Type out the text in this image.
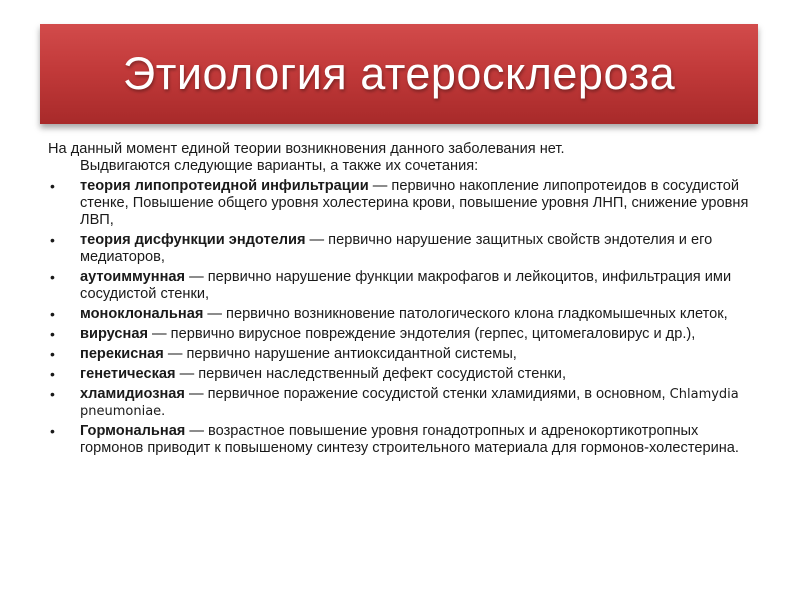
Этиология атеросклероза

На данный момент единой теории возникновения данного заболевания нет.
Выдвигаются следующие варианты, а также их сочетания:

• теория липопротеидной инфильтрации — первично накопление липопротеидов в сосудистой стенке, Повышение общего уровня холестерина крови, повышение уровня ЛНП, снижение уровня ЛВП,
• теория дисфункции эндотелия — первично нарушение защитных свойств эндотелия и его медиаторов,
• аутоиммунная — первично нарушение функции макрофагов и лейкоцитов, инфильтрация ими сосудистой стенки,
• моноклональная — первично возникновение патологического клона гладкомышечных клеток,
• вирусная — первично вирусное повреждение эндотелия (герпес, цитомегаловирус и др.),
• перекисная — первично нарушение антиоксидантной системы,
• генетическая — первичен наследственный дефект сосудистой стенки,
• хламидиозная — первичное поражение сосудистой стенки хламидиями, в основном, Chlamydia pneumoniae.
• Гормональная — возрастное повышение уровня гонадотропных и адренокортикотропных гормонов приводит к повышеному синтезу строительного материала для гормонов-холестерина.
